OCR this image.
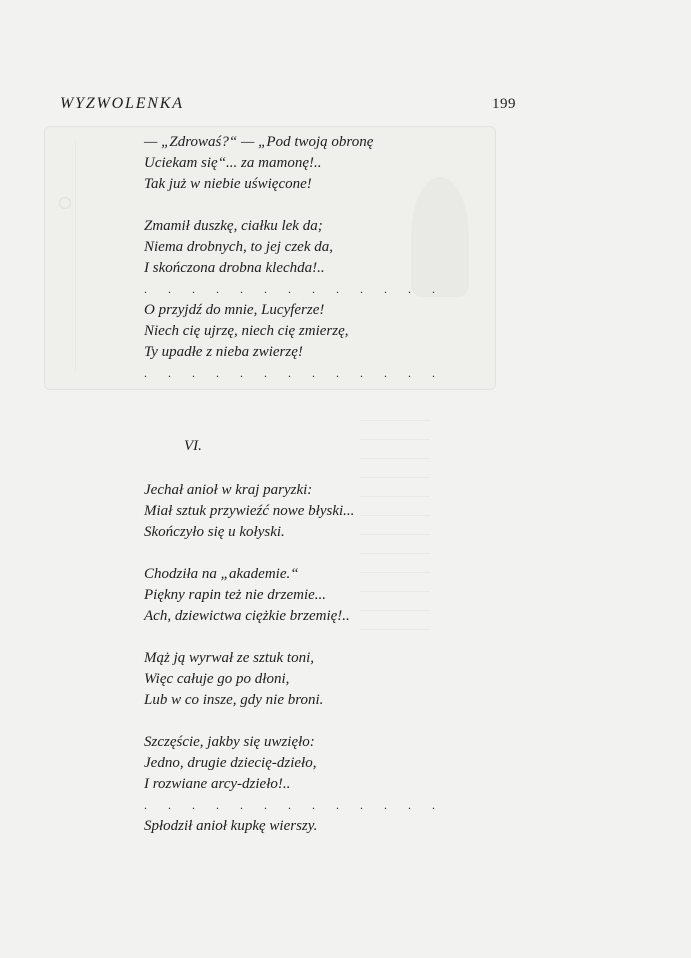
WYZWOLENKA	199
— „Zdrowaś?“ — „Pod twoją obronę
Uciekam się“... za mamonę!..
Tak już w niebie uświęcone!
Zmamił duszkę, ciałku lek da;
Niema drobnych, to jej czek da,
I skończona drobna klechda!..
. . . . . . . . . . . . .
O przyjdź do mnie, Lucyferze!
Niech cię ujrzę, niech cię zmierzę,
Ty upadłe z nieba zwierzę!
. . . . . . . . . . . . .
VI.
Jechał anioł w kraj paryzki:
Miał sztuk przywieźć nowe błyski...
Skończyło się u kołyski.
Chodziła na „akademie.“
Piękny rapin też nie drzemie...
Ach, dziewictwa ciężkie brzemię!..
Mąż ją wyrwał ze sztuk toni,
Więc całuje go po dłoni,
Lub w co insze, gdy nie broni.
Szczęście, jakby się uwzięło:
Jedno, drugie dziecię-dzieło,
I rozwiane arcy-dzieło!..
. . . . . . . . . . . . .
Spłodził anioł kupkę wierszy.
